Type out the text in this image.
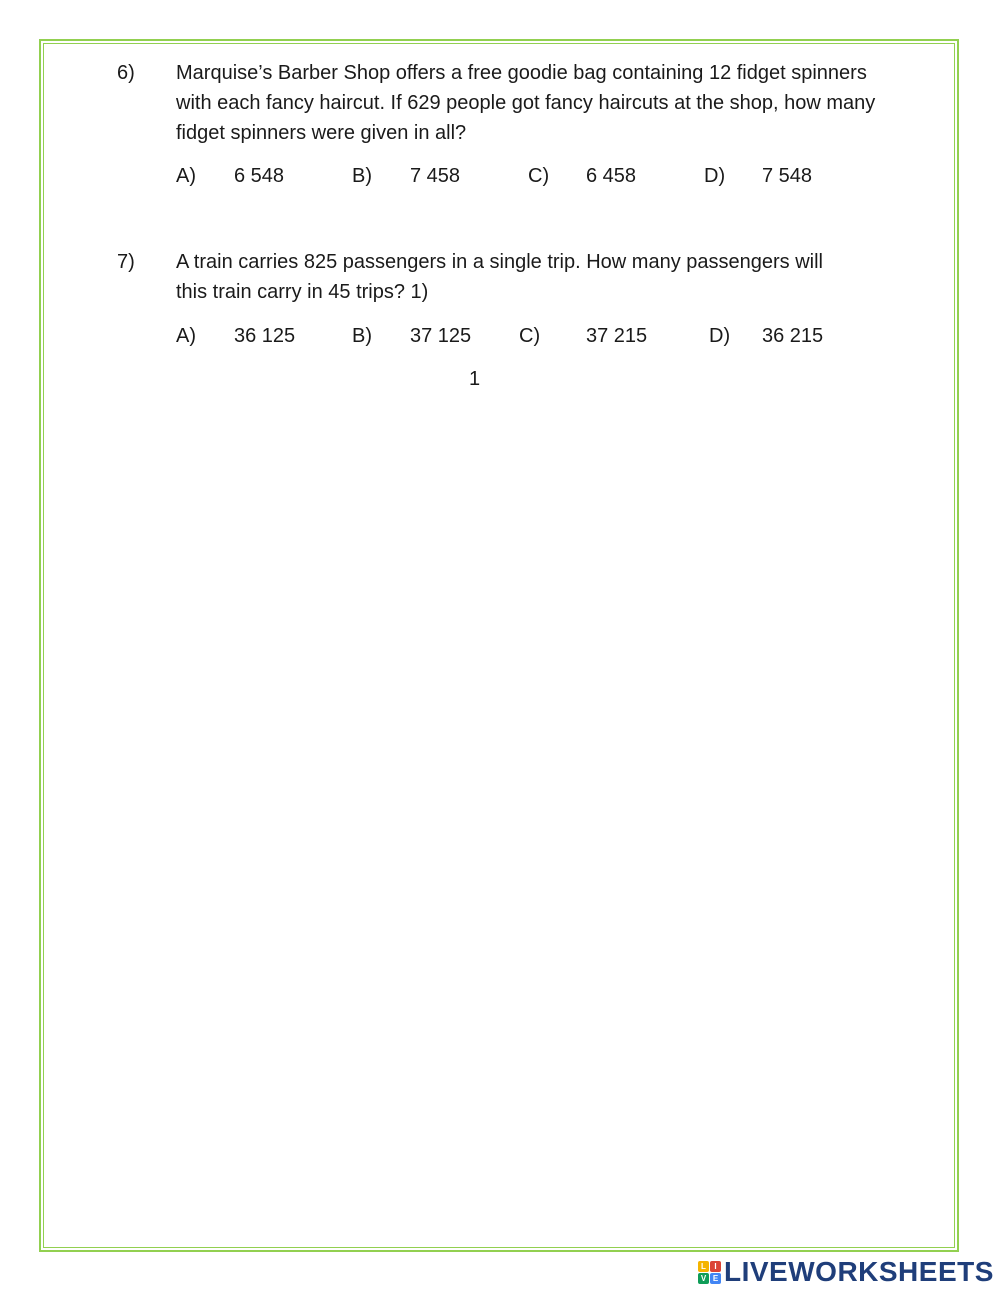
6) Marquise’s Barber Shop offers a free goodie bag containing 12 fidget spinners
with each fancy haircut. If 629 people got fancy haircuts at the shop, how many
fidget spinners were given in all?
A) 6 548	B) 7 458	C) 6 458	D) 7 548
7) A train carries 825 passengers in a single trip. How many passengers will
this train carry in 45 trips? 1)
A) 36 125	B) 37 125 C) 37 215	D) 36 215
1
L	I
V E LIVEWORKSHEETS
